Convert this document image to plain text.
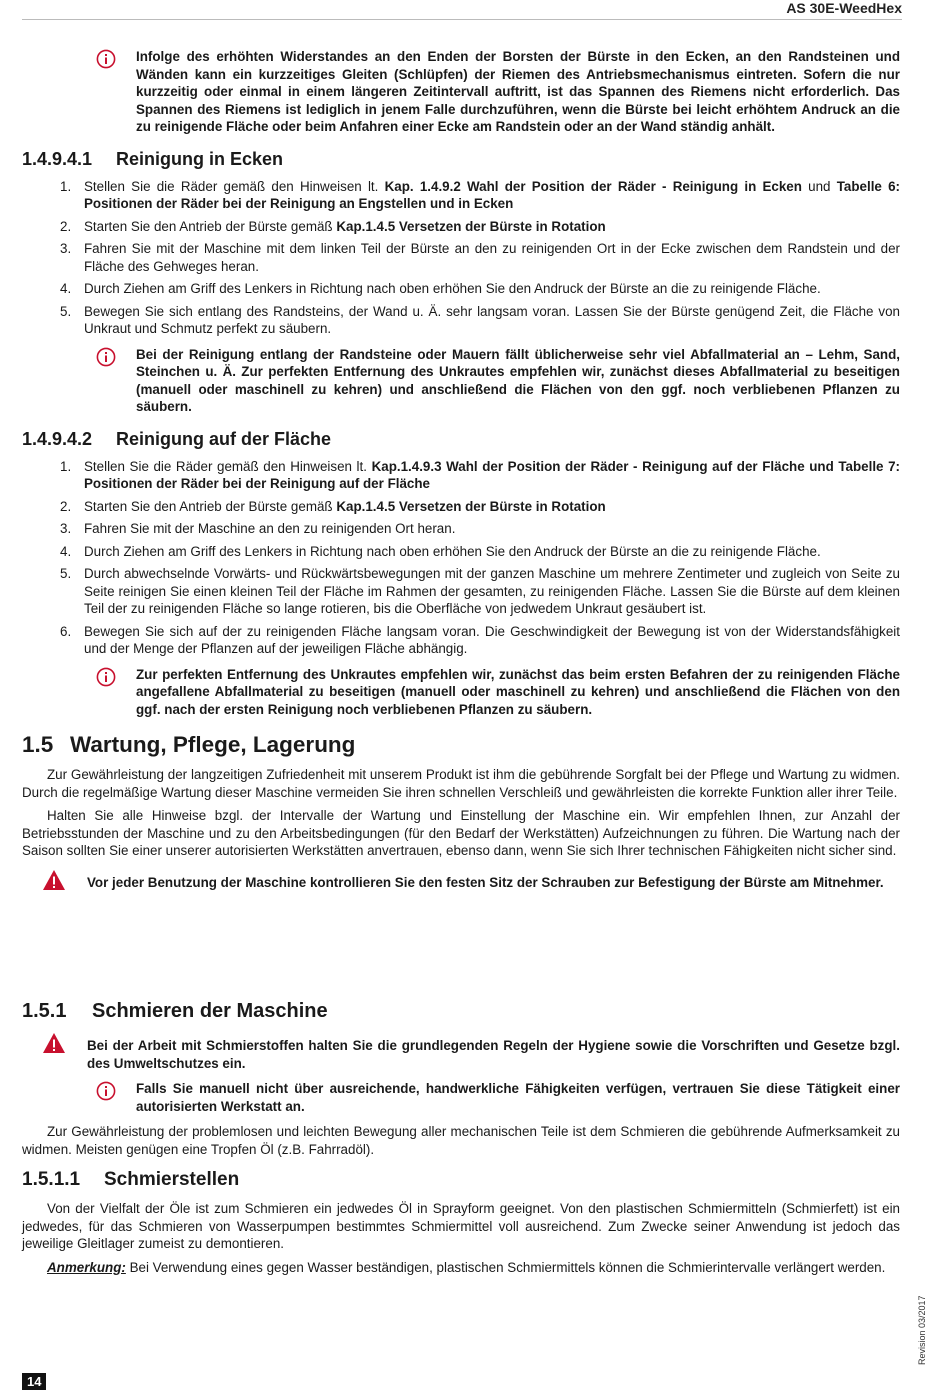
AS 30E-WeedHex
Infolge des erhöhten Widerstandes an den Enden der Borsten der Bürste in den Ecken, an den Randsteinen und Wänden kann ein kurzzeitiges Gleiten (Schlüpfen) der Riemen des Antriebsmechanismus eintreten. Sofern die nur kurzzeitig oder einmal in einem längeren Zeitintervall auftritt, ist das Spannen des Riemens nicht erforderlich. Das Spannen des Riemens ist lediglich in jenem Falle durchzuführen, wenn die Bürste bei leicht erhöhtem Andruck an die zu reinigende Fläche oder beim Anfahren einer Ecke am Randstein oder an der Wand ständig anhält.
1.4.9.4.1 Reinigung in Ecken
1. Stellen Sie die Räder gemäß den Hinweisen lt. Kap. 1.4.9.2 Wahl der Position der Räder - Reinigung in Ecken und Tabelle 6: Positionen der Räder bei der Reinigung an Engstellen und in Ecken
2. Starten Sie den Antrieb der Bürste gemäß Kap.1.4.5 Versetzen der Bürste in Rotation
3. Fahren Sie mit der Maschine mit dem linken Teil der Bürste an den zu reinigenden Ort in der Ecke zwischen dem Randstein und der Fläche des Gehweges heran.
4. Durch Ziehen am Griff des Lenkers in Richtung nach oben erhöhen Sie den Andruck der Bürste an die zu reinigende Fläche.
5. Bewegen Sie sich entlang des Randsteins, der Wand u. Ä. sehr langsam voran. Lassen Sie der Bürste genügend Zeit, die Fläche von Unkraut und Schmutz perfekt zu säubern.
Bei der Reinigung entlang der Randsteine oder Mauern fällt üblicherweise sehr viel Abfallmaterial an – Lehm, Sand, Steinchen u. Ä. Zur perfekten Entfernung des Unkrautes empfehlen wir, zunächst dieses Abfallmaterial zu beseitigen (manuell oder maschinell zu kehren) und anschließend die Flächen von den ggf. noch verbliebenen Pflanzen zu säubern.
1.4.9.4.2 Reinigung auf der Fläche
1. Stellen Sie die Räder gemäß den Hinweisen lt. Kap.1.4.9.3 Wahl der Position der Räder - Reinigung auf der Fläche und Tabelle 7: Positionen der Räder bei der Reinigung auf der Fläche
2. Starten Sie den Antrieb der Bürste gemäß Kap.1.4.5 Versetzen der Bürste in Rotation
3. Fahren Sie mit der Maschine an den zu reinigenden Ort heran.
4. Durch Ziehen am Griff des Lenkers in Richtung nach oben erhöhen Sie den Andruck der Bürste an die zu reinigende Fläche.
5. Durch abwechselnde Vorwärts- und Rückwärtsbewegungen mit der ganzen Maschine um mehrere Zentimeter und zugleich von Seite zu Seite reinigen Sie einen kleinen Teil der Fläche im Rahmen der gesamten, zu reinigenden Fläche. Lassen Sie die Bürste auf dem kleinen Teil der zu reinigenden Fläche so lange rotieren, bis die Oberfläche von jedwedem Unkraut gesäubert ist.
6. Bewegen Sie sich auf der zu reinigenden Fläche langsam voran. Die Geschwindigkeit der Bewegung ist von der Widerstandsfähigkeit und der Menge der Pflanzen auf der jeweiligen Fläche abhängig.
Zur perfekten Entfernung des Unkrautes empfehlen wir, zunächst das beim ersten Befahren der zu reinigenden Fläche angefallene Abfallmaterial zu beseitigen (manuell oder maschinell zu kehren) und anschließend die Flächen von den ggf. nach der ersten Reinigung noch verbliebenen Pflanzen zu säubern.
1.5 Wartung, Pflege, Lagerung

Zur Gewährleistung der langzeitigen Zufriedenheit mit unserem Produkt ist ihm die gebührende Sorgfalt bei der Pflege und Wartung zu widmen. Durch die regelmäßige Wartung dieser Maschine vermeiden Sie ihren schnellen Verschleiß und gewährleisten die korrekte Funktion aller ihrer Teile.

Halten Sie alle Hinweise bzgl. der Intervalle der Wartung und Einstellung der Maschine ein. Wir empfehlen Ihnen, zur Anzahl der Betriebsstunden der Maschine und zu den Arbeitsbedingungen (für den Bedarf der Werkstätten) Aufzeichnungen zu führen. Die Wartung nach der Saison sollten Sie einer unserer autorisierten Werkstätten anvertrauen, ebenso dann, wenn Sie sich Ihrer technischen Fähigkeiten nicht sicher sind.

Vor jeder Benutzung der Maschine kontrollieren Sie den festen Sitz der Schrauben zur Befestigung der Bürste am Mitnehmer.
1.5.1 Schmieren der Maschine
Bei der Arbeit mit Schmierstoffen halten Sie die grundlegenden Regeln der Hygiene sowie die Vorschriften und Gesetze bzgl. des Umweltschutzes ein.
Falls Sie manuell nicht über ausreichende, handwerkliche Fähigkeiten verfügen, vertrauen Sie diese Tätigkeit einer autorisierten Werkstatt an.

Zur Gewährleistung der problemlosen und leichten Bewegung aller mechanischen Teile ist dem Schmieren die gebührende Aufmerksamkeit zu widmen. Meisten genügen eine Tropfen Öl (z.B. Fahrradöl).

1.5.1.1 Schmierstellen

Von der Vielfalt der Öle ist zum Schmieren ein jedwedes Öl in Sprayform geeignet. Von den plastischen Schmiermitteln (Schmierfett) ist ein jedwedes, für das Schmieren von Wasserpumpen bestimmtes Schmiermittel voll ausreichend. Zum Zwecke seiner Anwendung ist jedoch das jeweilige Gleitlager zumeist zu demontieren.

Anmerkung: Bei Verwendung eines gegen Wasser beständigen, plastischen Schmiermittels können die Schmierintervalle verlängert werden.

Revision 03/2017
14
